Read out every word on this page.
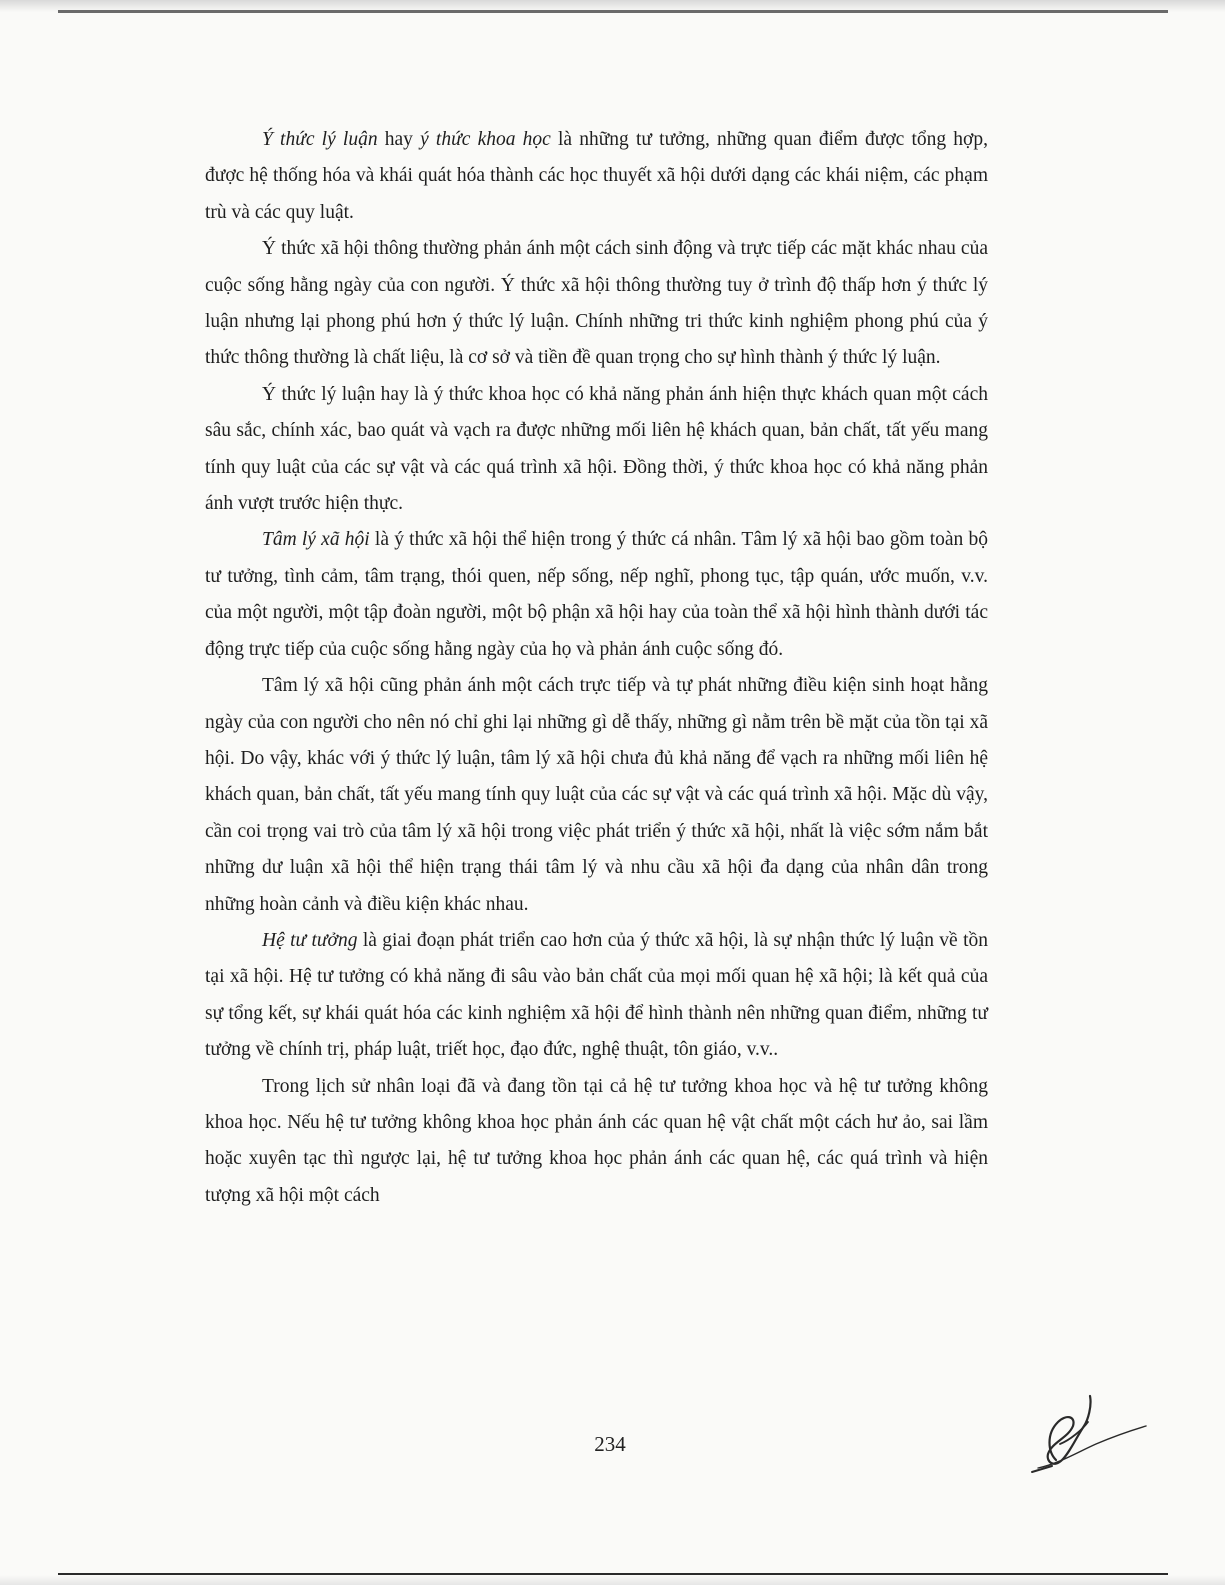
Ý thức lý luận hay ý thức khoa học là những tư tưởng, những quan điểm được tổng hợp, được hệ thống hóa và khái quát hóa thành các học thuyết xã hội dưới dạng các khái niệm, các phạm trù và các quy luật.

Ý thức xã hội thông thường phản ánh một cách sinh động và trực tiếp các mặt khác nhau của cuộc sống hằng ngày của con người. Ý thức xã hội thông thường tuy ở trình độ thấp hơn ý thức lý luận nhưng lại phong phú hơn ý thức lý luận. Chính những tri thức kinh nghiệm phong phú của ý thức thông thường là chất liệu, là cơ sở và tiền đề quan trọng cho sự hình thành ý thức lý luận.

Ý thức lý luận hay là ý thức khoa học có khả năng phản ánh hiện thực khách quan một cách sâu sắc, chính xác, bao quát và vạch ra được những mối liên hệ khách quan, bản chất, tất yếu mang tính quy luật của các sự vật và các quá trình xã hội. Đồng thời, ý thức khoa học có khả năng phản ánh vượt trước hiện thực.

Tâm lý xã hội là ý thức xã hội thể hiện trong ý thức cá nhân. Tâm lý xã hội bao gồm toàn bộ tư tưởng, tình cảm, tâm trạng, thói quen, nếp sống, nếp nghĩ, phong tục, tập quán, ước muốn, v.v. của một người, một tập đoàn người, một bộ phận xã hội hay của toàn thể xã hội hình thành dưới tác động trực tiếp của cuộc sống hằng ngày của họ và phản ánh cuộc sống đó.

Tâm lý xã hội cũng phản ánh một cách trực tiếp và tự phát những điều kiện sinh hoạt hằng ngày của con người cho nên nó chỉ ghi lại những gì dễ thấy, những gì nằm trên bề mặt của tồn tại xã hội. Do vậy, khác với ý thức lý luận, tâm lý xã hội chưa đủ khả năng để vạch ra những mối liên hệ khách quan, bản chất, tất yếu mang tính quy luật của các sự vật và các quá trình xã hội. Mặc dù vậy, cần coi trọng vai trò của tâm lý xã hội trong việc phát triển ý thức xã hội, nhất là việc sớm nắm bắt những dư luận xã hội thể hiện trạng thái tâm lý và nhu cầu xã hội đa dạng của nhân dân trong những hoàn cảnh và điều kiện khác nhau.

Hệ tư tưởng là giai đoạn phát triển cao hơn của ý thức xã hội, là sự nhận thức lý luận về tồn tại xã hội. Hệ tư tưởng có khả năng đi sâu vào bản chất của mọi mối quan hệ xã hội; là kết quả của sự tổng kết, sự khái quát hóa các kinh nghiệm xã hội để hình thành nên những quan điểm, những tư tưởng về chính trị, pháp luật, triết học, đạo đức, nghệ thuật, tôn giáo, v.v..

Trong lịch sử nhân loại đã và đang tồn tại cả hệ tư tưởng khoa học và hệ tư tưởng không khoa học. Nếu hệ tư tưởng không khoa học phản ánh các quan hệ vật chất một cách hư ảo, sai lầm hoặc xuyên tạc thì ngược lại, hệ tư tưởng khoa học phản ánh các quan hệ, các quá trình và hiện tượng xã hội một cách

234
